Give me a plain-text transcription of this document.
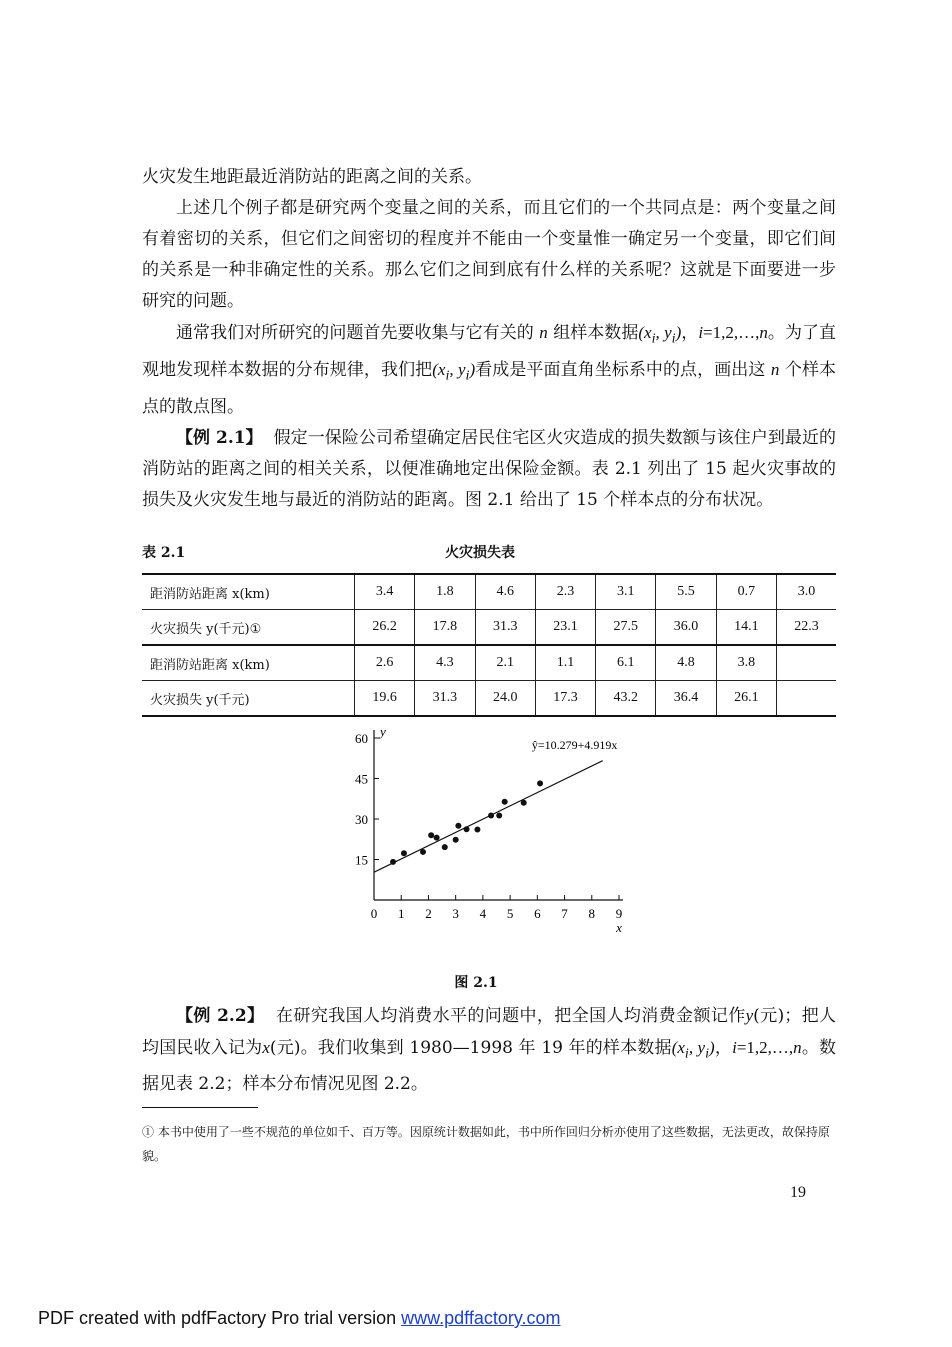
火灾发生地距最近消防站的距离之间的关系。

上述几个例子都是研究两个变量之间的关系，而且它们的一个共同点是：两个变量之间有着密切的关系，但它们之间密切的程度并不能由一个变量惟一确定另一个变量，即它们间的关系是一种非确定性的关系。那么它们之间到底有什么样的关系呢？这就是下面要进一步研究的问题。

通常我们对所研究的问题首先要收集与它有关的 n 组样本数据($x_i$, $y_i$)，i=1,2,…,n。为了直观地发现样本数据的分布规律，我们把($x_i$, $y_i$)看成是平面直角坐标系中的点，画出这 n 个样本点的散点图。

【例 2.1】 假定一保险公司希望确定居民住宅区火灾造成的损失数额与该住户到最近的消防站的距离之间的相关关系，以便准确地定出保险金额。表 2.1 列出了 15 起火灾事故的损失及火灾发生地与最近的消防站的距离。图 2.1 给出了 15 个样本点的分布状况。

表 2.1	火灾损失表
距消防站距离 x(km)	3.4	1.8	4.6	2.3	3.1	5.5	0.7	3.0
火灾损失 y(千元)①	26.2	17.8	31.3	23.1	27.5	36.0	14.1	22.3
距消防站距离 x(km)	2.6	4.3	2.1	1.1	6.1	4.8	3.8	
火灾损失 y(千元)	19.6	31.3	24.0	17.3	43.2	36.4	26.1	
15
30
45
60
0 1 2 3 4 5 6 7 8 9
y
x
ŷ=10.279+4.919x
图 2.1

【例 2.2】 在研究我国人均消费水平的问题中，把全国人均消费金额记作y(元)；把人均国民收入记为x(元)。我们收集到 1980—1998 年 19 年的样本数据($x_i$, $y_i$)，i=1,2,…,n。数据见表 2.2；样本分布情况见图 2.2。

① 本书中使用了一些不规范的单位如千、百万等。因原统计数据如此，书中所作回归分析亦使用了这些数据，无法更改，故保持原貌。
19
PDF created with pdfFactory Pro trial version www.pdffactory.com
